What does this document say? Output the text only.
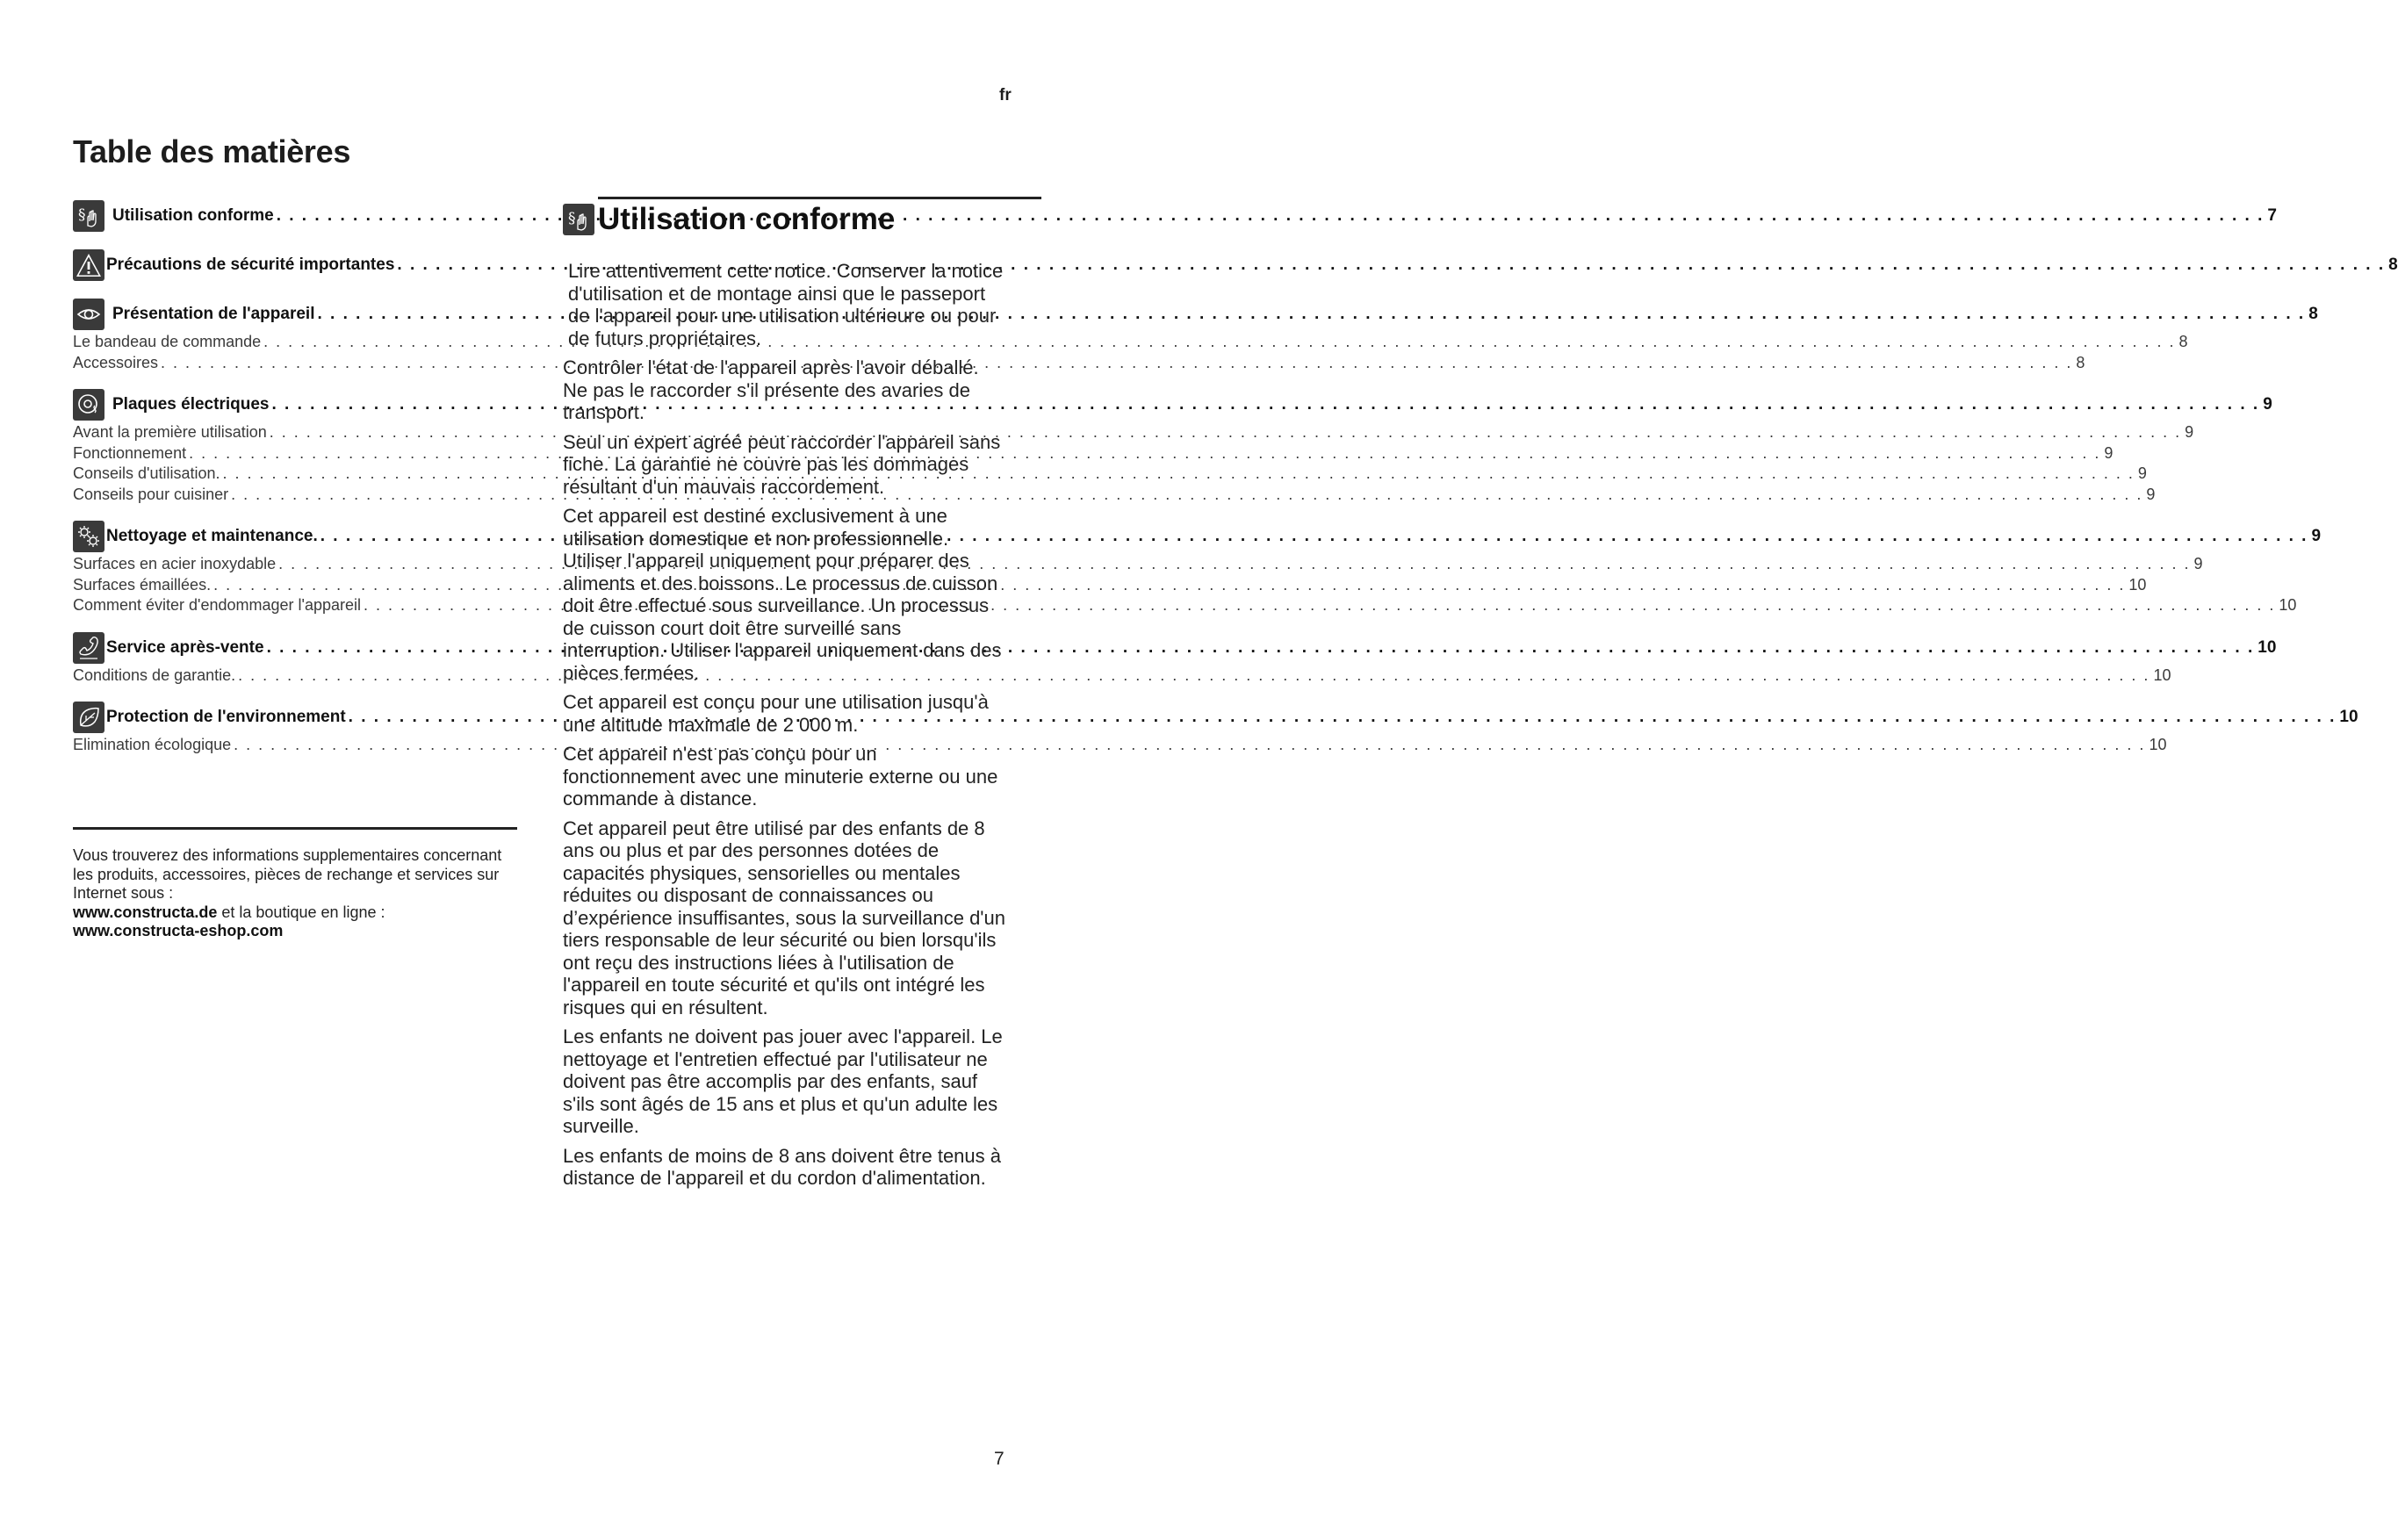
fr
Table des matières
§ Utilisation conforme . . .	7
Précautions de sécurité importantes . . .	8
Présentation de l'appareil . . .	8
Le bandeau de commande . . .	8
Accessoires . . .	8
Plaques électriques . . .	9
Avant la première utilisation . . .	9
Fonctionnement . . .	9
Conseils d'utilisation. . . .	9
Conseils pour cuisiner . . .	9
Nettoyage et maintenance. . . .	9
Surfaces en acier inoxydable . . .	9
Surfaces émaillées. . . .	10
Comment éviter d'endommager l'appareil . . .	10
Service après-vente . . .	10
Conditions de garantie. . . .	10
Protection de l'environnement . . .	10
Elimination écologique . . .	10

Vous trouverez des informations supplementaires concernant les produits, accessoires, pièces de rechange et services sur Internet sous :
www.constructa.de et la boutique en ligne :
www.constructa-eshop.com

§ Utilisation conforme

Lire attentivement cette notice. Conserver la notice d'utilisation et de montage ainsi que le passeport de l'appareil pour une utilisation ultérieure ou pour de futurs propriétaires.

Contrôler l'état de l'appareil après l'avoir déballé. Ne pas le raccorder s'il présente des avaries de transport.

Seul un expert agréé peut raccorder l'appareil sans fiche. La garantie ne couvre pas les dommages résultant d'un mauvais raccordement.

Cet appareil est destiné exclusivement à une utilisation domestique et non professionnelle. Utiliser l'appareil uniquement pour préparer des aliments et des boissons. Le processus de cuisson doit être effectué sous surveillance. Un processus de cuisson court doit être surveillé sans interruption. Utiliser l'appareil uniquement dans des pièces fermées.

Cet appareil est conçu pour une utilisation jusqu'à une altitude maximale de 2 000 m.

Cet appareil n'est pas conçu pour un fonctionnement avec une minuterie externe ou une commande à distance.

Cet appareil peut être utilisé par des enfants de 8 ans ou plus et par des personnes dotées de capacités physiques, sensorielles ou mentales réduites ou disposant de connaissances ou d’expérience insuffisantes, sous la surveillance d'un tiers responsable de leur sécurité ou bien lorsqu'ils ont reçu des instructions liées à l'utilisation de l'appareil en toute sécurité et qu'ils ont intégré les risques qui en résultent.

Les enfants ne doivent pas jouer avec l'appareil. Le nettoyage et l'entretien effectué par l'utilisateur ne doivent pas être accomplis par des enfants, sauf s'ils sont âgés de 15 ans et plus et qu'un adulte les surveille.

Les enfants de moins de 8 ans doivent être tenus à distance de l'appareil et du cordon d'alimentation.

7
